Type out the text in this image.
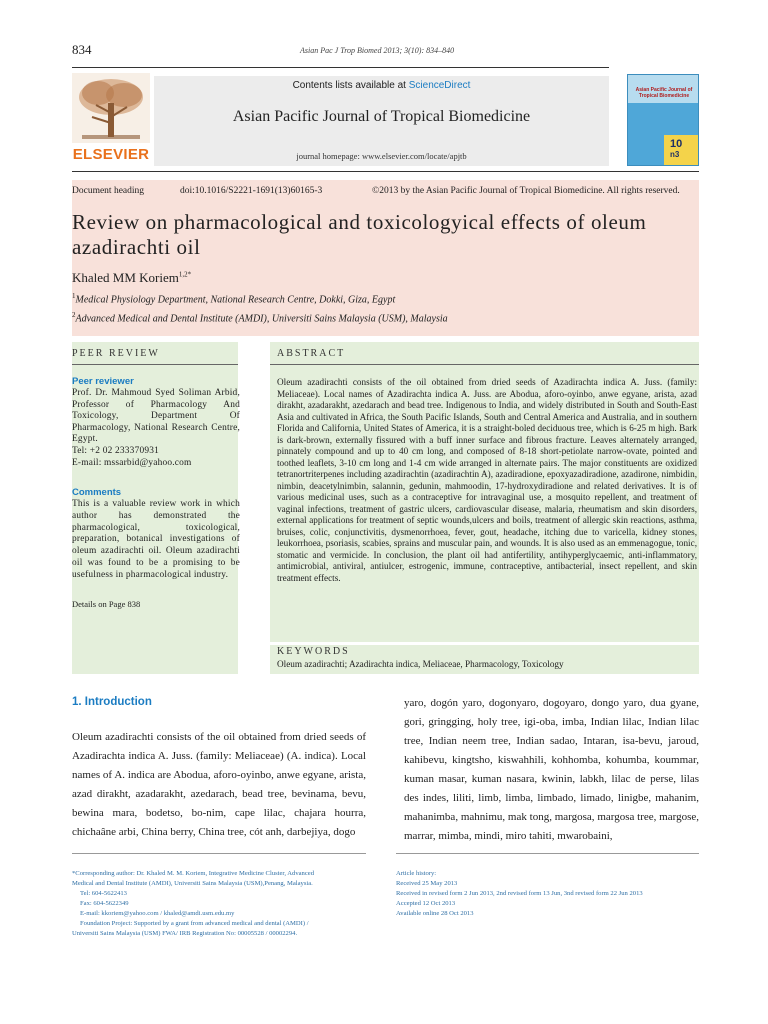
834	Asian Pac J Trop Biomed 2013; 3(10): 834–840
ELSEVIER
Contents lists available at ScienceDirect
Asian Pacific Journal of Tropical Biomedicine
journal homepage: www.elsevier.com/locate/apjtb
Asian Pacific Journal of Tropical Biomedicine
10
n3
Document heading	doi:10.1016/S2221-1691(13)60165-3	©2013 by the Asian Pacific Journal of Tropical Biomedicine. All rights reserved.
Review on pharmacological and toxicologyical effects of oleum azadirachti oil
Khaled MM Koriem$^{1,2*}$
$^1$Medical Physiology Department, National Research Centre, Dokki, Giza, Egypt
$^2$Advanced Medical and Dental Institute (AMDI), Universiti Sains Malaysia (USM), Malaysia
PEER REVIEW
Peer reviewer
Prof. Dr. Mahmoud Syed Soliman Arbid, Professor of Pharmacology And Toxicology, Department Of Pharmacology, National Research Centre, Egypt.
Tel: +2 02 233370931
E-mail: mssarbid@yahoo.com
Comments
This is a valuable review work in which author has demonstrated the pharmacological, toxicological, preparation, botanical investigations of oleum azadirachti oil. Oleum azadirachti oil was found to be a promising to be usefulness in pharmacological industry.
Details on Page 838
ABSTRACT
Oleum azadirachti consists of the oil obtained from dried seeds of Azadirachta indica A. Juss. (family: Meliaceae). Local names of Azadirachta indica A. Juss. are Abodua, aforo-oyinbo, anwe egyane, arista, azad dirakht, azadarakht, azedarach and bead tree. Indigenous to India, and widely distributed in South and South-East Asia and cultivated in Africa, the South Pacific Islands, South and Central America and Australia, and in southern Florida and California, United States of America, it is a straight-boled deciduous tree, which is 6-25 m high. Bark is dark-brown, externally fissured with a buff inner surface and fibrous fracture. Leaves alternately arranged, pinnately compound and up to 40 cm long, and composed of 8-18 short-petiolate narrow-ovate, pointed and toothed leaflets, 3-10 cm long and 1-4 cm wide arranged in alternate pairs. The major constituents are oxidized tetranortriterpenes including azadirachtin (azadirachtin A), azadiradione, epoxyazadiradione, azadirone, nimbidin, nimbin, deacetylnimbin, salannin, gedunin, mahmoodin, 17-hydroxydiradione and related derivatives. It is of various medicinal uses, such as a contraceptive for intravaginal use, a mosquito repellent, and treatment of vaginal infections, treatment of gastric ulcers, cardiovascular disease, malaria, rheumatism and skin disorders, external applications for treatment of septic wounds,ulcers and boils, treatment of allergic skin reactions, asthma, bruises, colic, conjunctivitis, dysmenorrhoea, fever, gout, headache, itching due to varicella, kidney stones, leukorrhoea, psoriasis, scabies, sprains and muscular pain, and wounds. It is also used as an emmenagogue, tonic, stomatic and vermicide. In conclusion, the plant oil had antifertility, antihyperglycaemic, anti-inflammatory, antimicrobial, antiviral, antiulcer, estrogenic, immune, contraceptive, antibacterial, insect repellent, and skin treatment effects.
KEYWORDS
Oleum azadirachti; Azadirachta indica, Meliaceae, Pharmacology, Toxicology
1. Introduction
Oleum azadirachti consists of the oil obtained from dried seeds of Azadirachta indica A. Juss. (family: Meliaceae) (A. indica). Local names of A. indica are Abodua, aforo-oyinbo, anwe egyane, arista, azad dirakht, azadarakht, azedarach, bead tree, bevinama, bevu, bewina mara, bodetso, bo-nim, cape lilac, chajara hourra, chichaâne arbi, China berry, China tree, cót anh, darbejiya, dogo
yaro, dogón yaro, dogonyaro, dogoyaro, dongo yaro, dua gyane, gori, gringging, holy tree, igi-oba, imba, Indian lilac, Indian lilac tree, Indian neem tree, Indian sadao, Intaran, isa-bevu, jaroud, kahibevu, kingtsho, kiswahhili, kohhomba, kohumba, koummar, kuman masar, kuman nasara, kwinin, labkh, lilac de perse, lilas des indes, liliti, limb, limba, limbado, limado, linigbe, mahanim, mahanimba, mahnimu, mak tong, margosa, margosa tree, margose, marrar, mimba, mindi, miro tahiti, mwarobaini,
*Corresponding author: Dr. Khaled M. M. Koriem, Integrative Medicine Cluster, Advanced
Medical and Dental Institute (AMDI), Universiti Sains Malaysia (USM),Penang, Malaysia.
Tel: 604-5622413
Fax: 604-5622349
E-mail: kkoriem@yahoo.com / khaled@amdi.usm.edu.my
Foundation Project: Supported by a grant from advanced medical and dental (AMDI) /
Universiti Sains Malaysia (USM) FWA/ IRB Registration No: 00005528 / 00002294.
Article history:
Received 25 May 2013
Received in revised form 2 Jun 2013, 2nd revised form 13 Jun, 3nd revised form 22 Jun 2013
Accepted 12 Oct 2013
Available online 28 Oct 2013
